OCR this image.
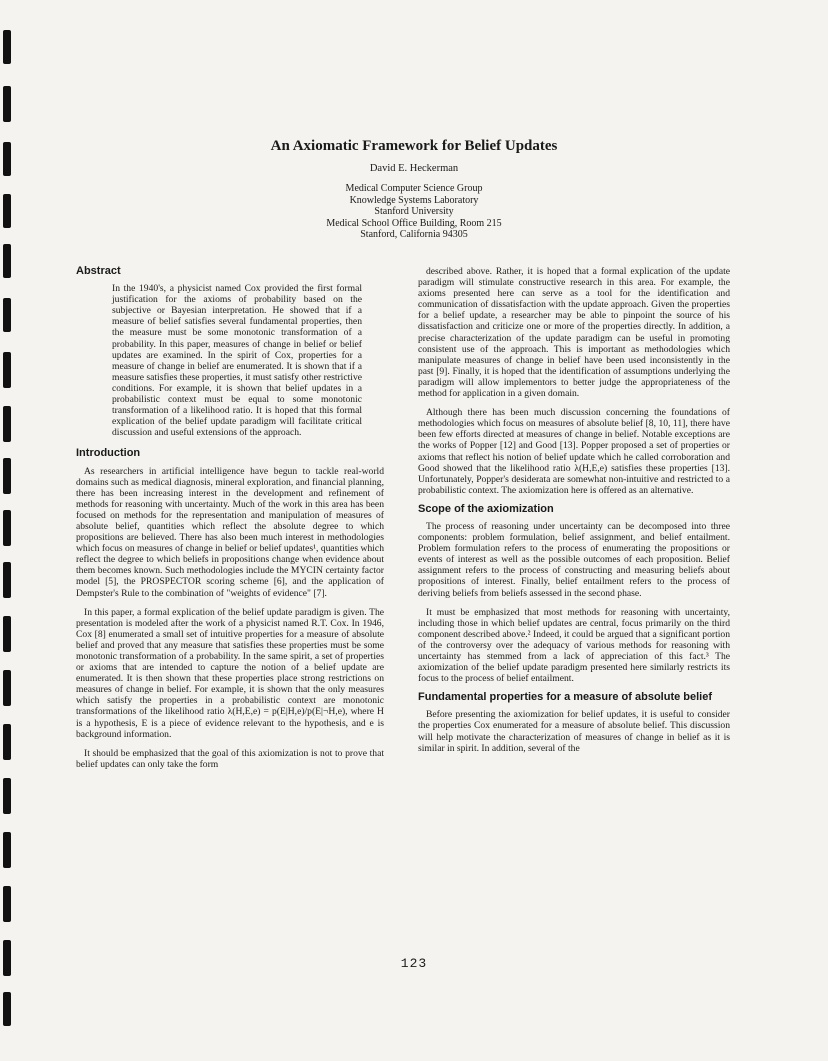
An Axiomatic Framework for Belief Updates
David E. Heckerman
Medical Computer Science Group
Knowledge Systems Laboratory
Stanford University
Medical School Office Building, Room 215
Stanford, California 94305
Abstract
In the 1940's, a physicist named Cox provided the first formal justification for the axioms of probability based on the subjective or Bayesian interpretation. He showed that if a measure of belief satisfies several fundamental properties, then the measure must be some monotonic transformation of a probability. In this paper, measures of change in belief or belief updates are examined. In the spirit of Cox, properties for a measure of change in belief are enumerated. It is shown that if a measure satisfies these properties, it must satisfy other restrictive conditions. For example, it is shown that belief updates in a probabilistic context must be equal to some monotonic transformation of a likelihood ratio. It is hoped that this formal explication of the belief update paradigm will facilitate critical discussion and useful extensions of the approach.
Introduction

As researchers in artificial intelligence have begun to tackle real-world domains such as medical diagnosis, mineral exploration, and financial planning, there has been increasing interest in the development and refinement of methods for reasoning with uncertainty. Much of the work in this area has been focused on methods for the representation and manipulation of measures of absolute belief, quantities which reflect the absolute degree to which propositions are believed. There has also been much interest in methodologies which focus on measures of change in belief or belief updates¹, quantities which reflect the degree to which beliefs in propositions change when evidence about them becomes known. Such methodologies include the MYCIN certainty factor model [5], the PROSPECTOR scoring scheme [6], and the application of Dempster's Rule to the combination of "weights of evidence" [7].

In this paper, a formal explication of the belief update paradigm is given. The presentation is modeled after the work of a physicist named R.T. Cox. In 1946, Cox [8] enumerated a small set of intuitive properties for a measure of absolute belief and proved that any measure that satisfies these properties must be some monotonic transformation of a probability. In the same spirit, a set of properties or axioms that are intended to capture the notion of a belief update are enumerated. It is then shown that these properties place strong restrictions on measures of change in belief. For example, it is shown that the only measures which satisfy the properties in a probabilistic context are monotonic transformations of the likelihood ratio λ(H,E,e) = p(E|H,e)/p(E|¬H,e), where H is a hypothesis, E is a piece of evidence relevant to the hypothesis, and e is background information.

It should be emphasized that the goal of this axiomization is not to prove that belief updates can only take the form

described above. Rather, it is hoped that a formal explication of the update paradigm will stimulate constructive research in this area. For example, the axioms presented here can serve as a tool for the identification and communication of dissatisfaction with the update approach. Given the properties for a belief update, a researcher may be able to pinpoint the source of his dissatisfaction and criticize one or more of the properties directly. In addition, a precise characterization of the update paradigm can be useful in promoting consistent use of the approach. This is important as methodologies which manipulate measures of change in belief have been used inconsistently in the past [9]. Finally, it is hoped that the identification of assumptions underlying the paradigm will allow implementors to better judge the appropriateness of the method for application in a given domain.

Although there has been much discussion concerning the foundations of methodologies which focus on measures of absolute belief [8, 10, 11], there have been few efforts directed at measures of change in belief. Notable exceptions are the works of Popper [12] and Good [13]. Popper proposed a set of properties or axioms that reflect his notion of belief update which he called corroboration and Good showed that the likelihood ratio λ(H,E,e) satisfies these properties [13]. Unfortunately, Popper's desiderata are somewhat non-intuitive and restricted to a probabilistic context. The axiomization here is offered as an alternative.

Scope of the axiomization

The process of reasoning under uncertainty can be decomposed into three components: problem formulation, belief assignment, and belief entailment. Problem formulation refers to the process of enumerating the propositions or events of interest as well as the possible outcomes of each proposition. Belief assignment refers to the process of constructing and measuring beliefs about propositions of interest. Finally, belief entailment refers to the process of deriving beliefs from beliefs assessed in the second phase.

It must be emphasized that most methods for reasoning with uncertainty, including those in which belief updates are central, focus primarily on the third component described above.² Indeed, it could be argued that a significant portion of the controversy over the adequacy of various methods for reasoning with uncertainty has stemmed from a lack of appreciation of this fact.³ The axiomization of the belief update paradigm presented here similarly restricts its focus to the process of belief entailment.

Fundamental properties for a measure of absolute belief

Before presenting the axiomization for belief updates, it is useful to consider the properties Cox enumerated for a measure of absolute belief. This discussion will help motivate the characterization of measures of change in belief as it is similar in spirit. In addition, several of the

123
